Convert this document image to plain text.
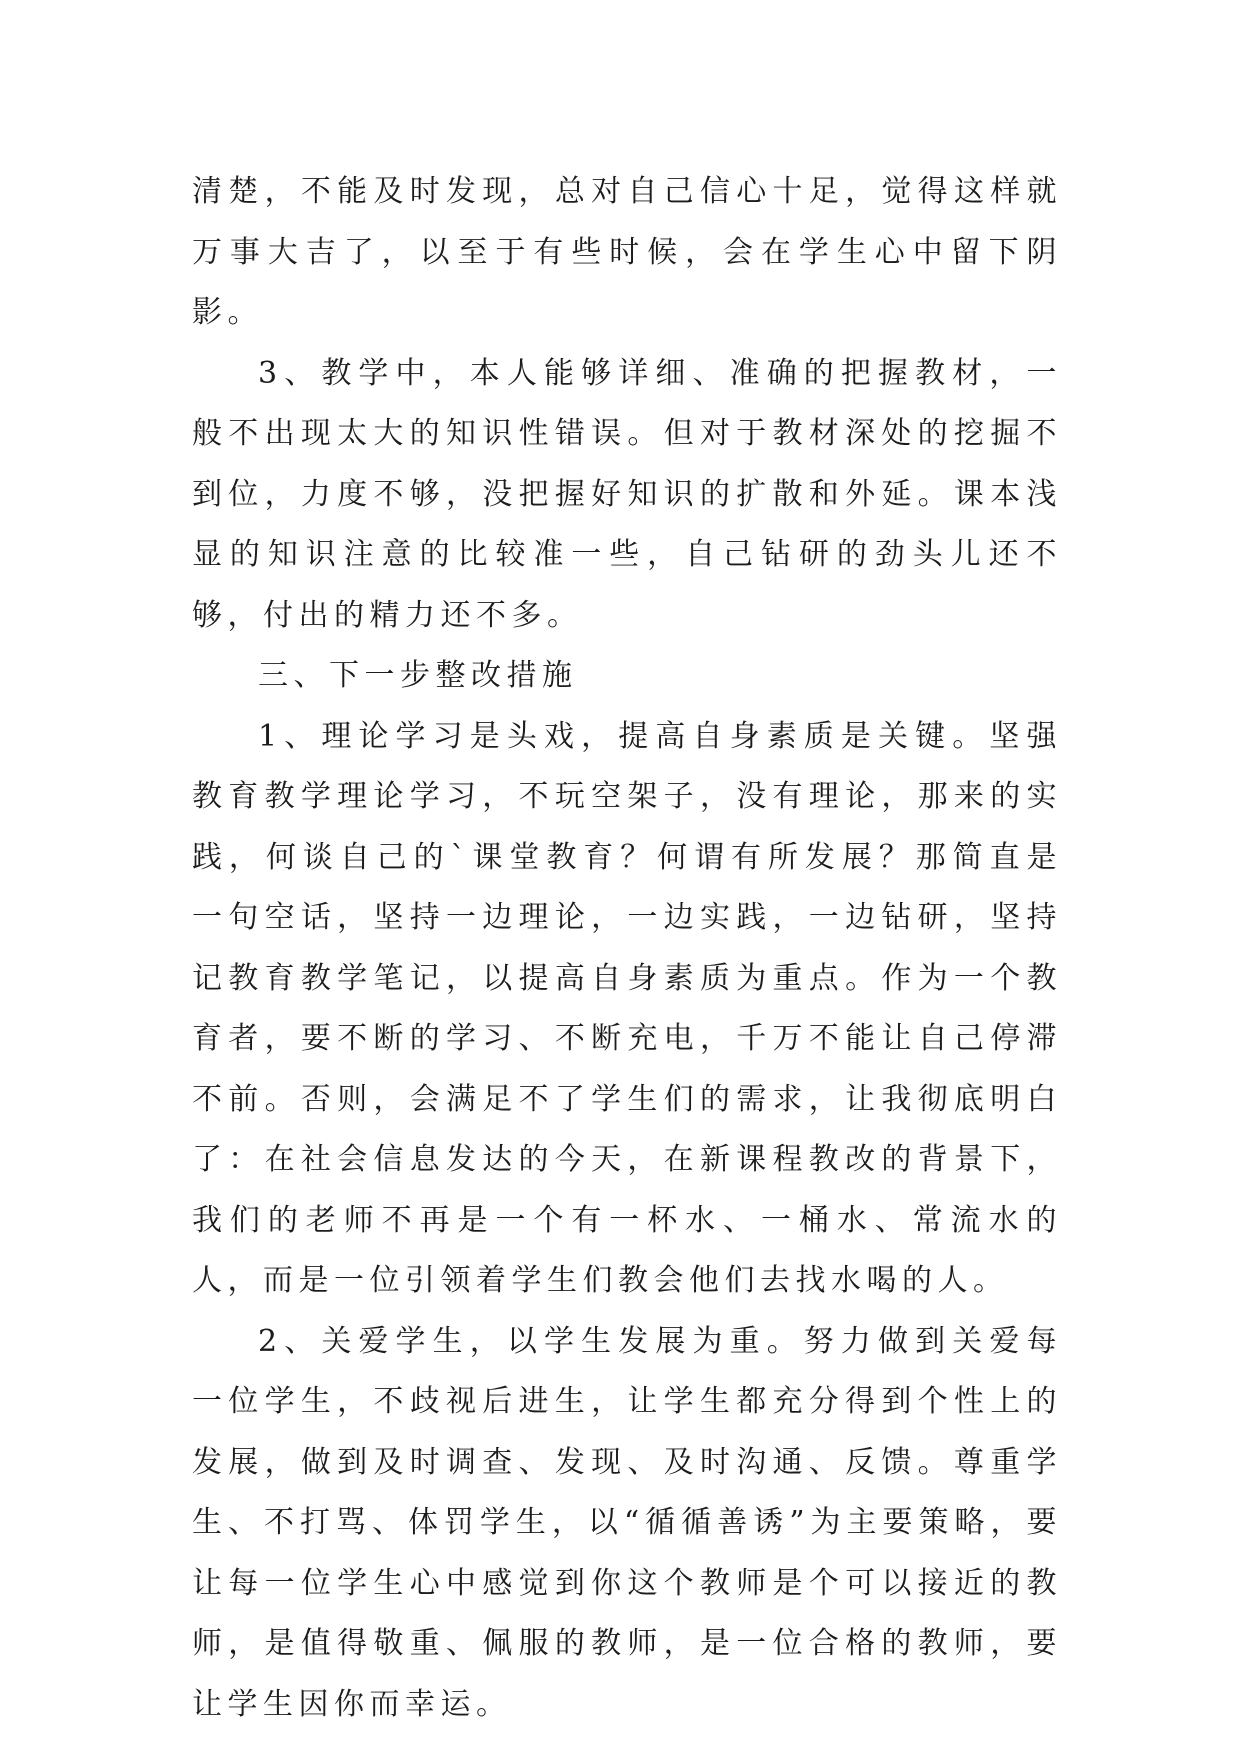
清楚，不能及时发现，总对自己信心十足，觉得这样就万事大吉了，以至于有些时候，会在学生心中留下阴影。

3、教学中，本人能够详细、准确的把握教材，一般不出现太大的知识性错误。但对于教材深处的挖掘不到位，力度不够，没把握好知识的扩散和外延。课本浅显的知识注意的比较准一些，自己钻研的劲头儿还不够，付出的精力还不多。

三、下一步整改措施

1、理论学习是头戏，提高自身素质是关键。坚强教育教学理论学习，不玩空架子，没有理论，那来的实践，何谈自己的`课堂教育？何谓有所发展？那简直是一句空话，坚持一边理论，一边实践，一边钻研，坚持记教育教学笔记，以提高自身素质为重点。作为一个教育者，要不断的学习、不断充电，千万不能让自己停滞不前。否则，会满足不了学生们的需求，让我彻底明白了：在社会信息发达的今天，在新课程教改的背景下，我们的老师不再是一个有一杯水、一桶水、常流水的人，而是一位引领着学生们教会他们去找水喝的人。

2、关爱学生，以学生发展为重。努力做到关爱每一位学生，不歧视后进生，让学生都充分得到个性上的发展，做到及时调查、发现、及时沟通、反馈。尊重学生、不打骂、体罚学生，以“循循善诱”为主要策略，要让每一位学生心中感觉到你这个教师是个可以接近的教师，是值得敬重、佩服的教师，是一位合格的教师，要让学生因你而幸运。
